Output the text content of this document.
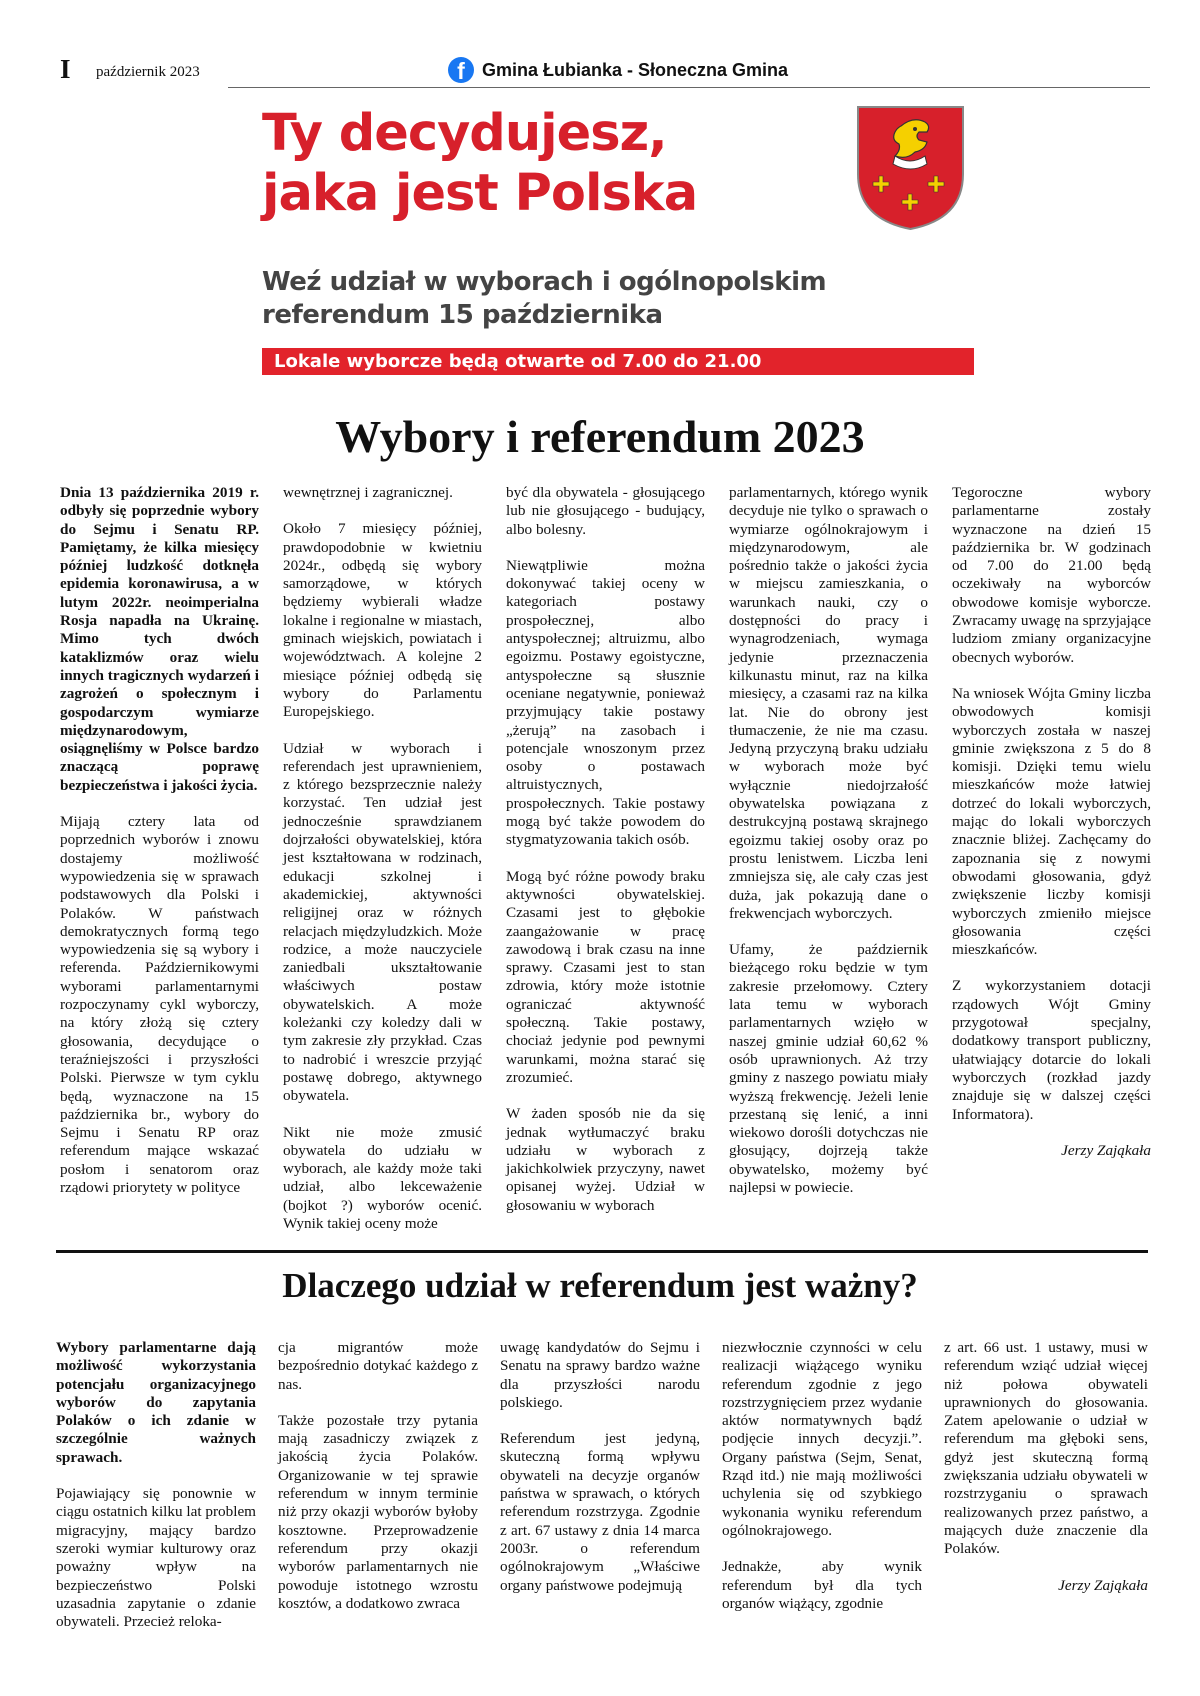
I październik 2023	f Gmina Łubianka - Słoneczna Gmina
Ty decydujesz,
jaka jest Polska
Weź udział w wyborach i ogólnopolskim
referendum 15 października
Lokale wyborcze będą otwarte od 7.00 do 21.00
Wybory i referendum 2023

Dnia 13 października 2019 r. odbyły się poprzednie wybory do Sejmu i Senatu RP. Pamiętamy, że kilka miesięcy później ludzkość dotknęła epidemia koronawirusa, a w lutym 2022r. neoimperialna Rosja napadła na Ukrainę. Mimo tych dwóch kataklizmów oraz wielu innych tragicznych wydarzeń i zagrożeń o społecznym i gospodarczym wymiarze międzynarodowym, osiągnęliśmy w Polsce bardzo znaczącą poprawę bezpieczeństwa i jakości życia.

Mijają cztery lata od poprzednich wyborów i znowu dostajemy możliwość wypowiedzenia się w sprawach podstawowych dla Polski i Polaków. W państwach demokratycznych formą tego wypowiedzenia się są wybory i referenda. Październikowymi wyborami parlamentarnymi rozpoczynamy cykl wyborczy, na który złożą się cztery głosowania, decydujące o teraźniejszości i przyszłości Polski. Pierwsze w tym cyklu będą, wyznaczone na 15 października br., wybory do Sejmu i Senatu RP oraz referendum mające wskazać posłom i senatorom oraz rządowi priorytety w polityce

wewnętrznej i zagranicznej.

Około 7 miesięcy później, prawdopodobnie w kwietniu 2024r., odbędą się wybory samorządowe, w których będziemy wybierali władze lokalne i regionalne w miastach, gminach wiejskich, powiatach i województwach. A kolejne 2 miesiące później odbędą się wybory do Parlamentu Europejskiego.

Udział w wyborach i referendach jest uprawnieniem, z którego bezsprzecznie należy korzystać. Ten udział jest jednocześnie sprawdzianem dojrzałości obywatelskiej, która jest kształtowana w rodzinach, edukacji szkolnej i akademickiej, aktywności religijnej oraz w różnych relacjach międzyludzkich. Może rodzice, a może nauczyciele zaniedbali ukształtowanie właściwych postaw obywatelskich. A może koleżanki czy koledzy dali w tym zakresie zły przykład. Czas to nadrobić i wreszcie przyjąć postawę dobrego, aktywnego obywatela.

Nikt nie może zmusić obywatela do udziału w wyborach, ale każdy może taki udział, albo lekceważenie (bojkot ?) wyborów ocenić. Wynik takiej oceny może

być dla obywatela - głosującego lub nie głosującego - budujący, albo bolesny.

Niewątpliwie można dokonywać takiej oceny w kategoriach postawy prospołecznej, albo antyspołecznej; altruizmu, albo egoizmu. Postawy egoistyczne, antyspołeczne są słusznie oceniane negatywnie, ponieważ przyjmujący takie postawy „żerują” na zasobach i potencjale wnoszonym przez osoby o postawach altruistycznych, prospołecznych. Takie postawy mogą być także powodem do stygmatyzowania takich osób.

Mogą być różne powody braku aktywności obywatelskiej. Czasami jest to głębokie zaangażowanie w pracę zawodową i brak czasu na inne sprawy. Czasami jest to stan zdrowia, który może istotnie ograniczać aktywność społeczną. Takie postawy, chociaż jedynie pod pewnymi warunkami, można starać się zrozumieć.

W żaden sposób nie da się jednak wytłumaczyć braku udziału w wyborach z jakichkolwiek przyczyny, nawet opisanej wyżej. Udział w głosowaniu w wyborach

parlamentarnych, którego wynik decyduje nie tylko o sprawach o wymiarze ogólnokrajowym i międzynarodowym, ale pośrednio także o jakości życia w miejscu zamieszkania, o warunkach nauki, czy o dostępności do pracy i wynagrodzeniach, wymaga jedynie przeznaczenia kilkunastu minut, raz na kilka miesięcy, a czasami raz na kilka lat. Nie do obrony jest tłumaczenie, że nie ma czasu. Jedyną przyczyną braku udziału w wyborach może być wyłącznie niedojrzałość obywatelska powiązana z destrukcyjną postawą skrajnego egoizmu takiej osoby oraz po prostu lenistwem. Liczba leni zmniejsza się, ale cały czas jest duża, jak pokazują dane o frekwencjach wyborczych.

Ufamy, że październik bieżącego roku będzie w tym zakresie przełomowy. Cztery lata temu w wyborach parlamentarnych wzięło w naszej gminie udział 60,62 % osób uprawnionych. Aż trzy gminy z naszego powiatu miały wyższą frekwencję. Jeżeli lenie przestaną się lenić, a inni wiekowo dorośli dotychczas nie głosujący, dojrzeją także obywatelsko, możemy być najlepsi w powiecie.

Tegoroczne wybory parlamentarne zostały wyznaczone na dzień 15 października br. W godzinach od 7.00 do 21.00 będą oczekiwały na wyborców obwodowe komisje wyborcze. Zwracamy uwagę na sprzyjające ludziom zmiany organizacyjne obecnych wyborów.

Na wniosek Wójta Gminy liczba obwodowych komisji wyborczych została w naszej gminie zwiększona z 5 do 8 komisji. Dzięki temu wielu mieszkańców może łatwiej dotrzeć do lokali wyborczych, mając do lokali wyborczych znacznie bliżej. Zachęcamy do zapoznania się z nowymi obwodami głosowania, gdyż zwiększenie liczby komisji wyborczych zmieniło miejsce głosowania części mieszkańców.

Z wykorzystaniem dotacji rządowych Wójt Gminy przygotował specjalny, dodatkowy transport publiczny, ułatwiający dotarcie do lokali wyborczych (rozkład jazdy znajduje się w dalszej części Informatora).

Jerzy Zająkała

Dlaczego udział w referendum jest ważny?

Wybory parlamentarne dają możliwość wykorzystania potencjału organizacyjnego wyborów do zapytania Polaków o ich zdanie w szczególnie ważnych sprawach.

Pojawiający się ponownie w ciągu ostatnich kilku lat problem migracyjny, mający bardzo szeroki wymiar kulturowy oraz poważny wpływ na bezpieczeństwo Polski uzasadnia zapytanie o zdanie obywateli. Przecież reloka-

cja migrantów może bezpośrednio dotykać każdego z nas.

Także pozostałe trzy pytania mają zasadniczy związek z jakością życia Polaków. Organizowanie w tej sprawie referendum w innym terminie niż przy okazji wyborów byłoby kosztowne. Przeprowadzenie referendum przy okazji wyborów parlamentarnych nie powoduje istotnego wzrostu kosztów, a dodatkowo zwraca

uwagę kandydatów do Sejmu i Senatu na sprawy bardzo ważne dla przyszłości narodu polskiego.

Referendum jest jedyną, skuteczną formą wpływu obywateli na decyzje organów państwa w sprawach, o których referendum rozstrzyga. Zgodnie z art. 67 ustawy z dnia 14 marca 2003r. o referendum ogólnokrajowym „Właściwe organy państwowe podejmują

niezwłocznie czynności w celu realizacji wiążącego wyniku referendum zgodnie z jego rozstrzygnięciem przez wydanie aktów normatywnych bądź podjęcie innych decyzji.”. Organy państwa (Sejm, Senat, Rząd itd.) nie mają możliwości uchylenia się od szybkiego wykonania wyniku referendum ogólnokrajowego.

Jednakże, aby wynik referendum był dla tych organów wiążący, zgodnie

z art. 66 ust. 1 ustawy, musi w referendum wziąć udział więcej niż połowa obywateli uprawnionych do głosowania. Zatem apelowanie o udział w referendum ma głęboki sens, gdyż jest skuteczną formą zwiększania udziału obywateli w rozstrzyganiu o sprawach realizowanych przez państwo, a mających duże znaczenie dla Polaków.

Jerzy Zająkała
